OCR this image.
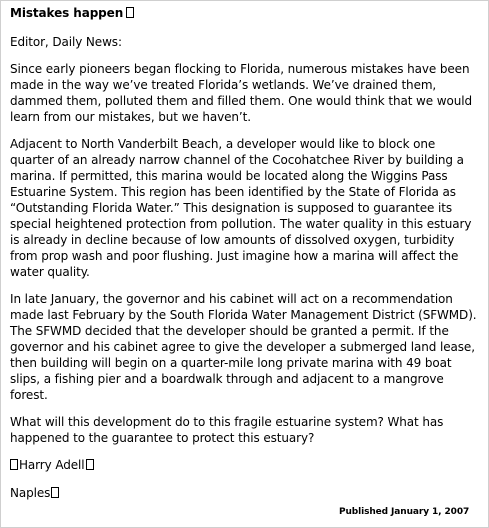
Mistakes happen
Editor, Daily News:
Since early pioneers began flocking to Florida, numerous mistakes have been made in the way we’ve treated Florida’s wetlands. We’ve drained them, dammed them, polluted them and filled them. One would think that we would learn from our mistakes, but we haven’t.
Adjacent to North Vanderbilt Beach, a developer would like to block one quarter of an already narrow channel of the Cocohatchee River by building a marina. If permitted, this marina would be located along the Wiggins Pass Estuarine System. This region has been identified by the State of Florida as “Outstanding Florida Water.” This designation is supposed to guarantee its special heightened protection from pollution. The water quality in this estuary is already in decline because of low amounts of dissolved oxygen, turbidity from prop wash and poor flushing. Just imagine how a marina will affect the water quality.
In late January, the governor and his cabinet will act on a recommendation made last February by the South Florida Water Management District (SFWMD). The SFWMD decided that the developer should be granted a permit. If the governor and his cabinet agree to give the developer a submerged land lease, then building will begin on a quarter-mile long private marina with 49 boat slips, a fishing pier and a boardwalk through and adjacent to a mangrove forest.
What will this development do to this fragile estuarine system? What has happened to the guarantee to protect this estuary?
Harry Adell
Naples
Published January 1, 2007
